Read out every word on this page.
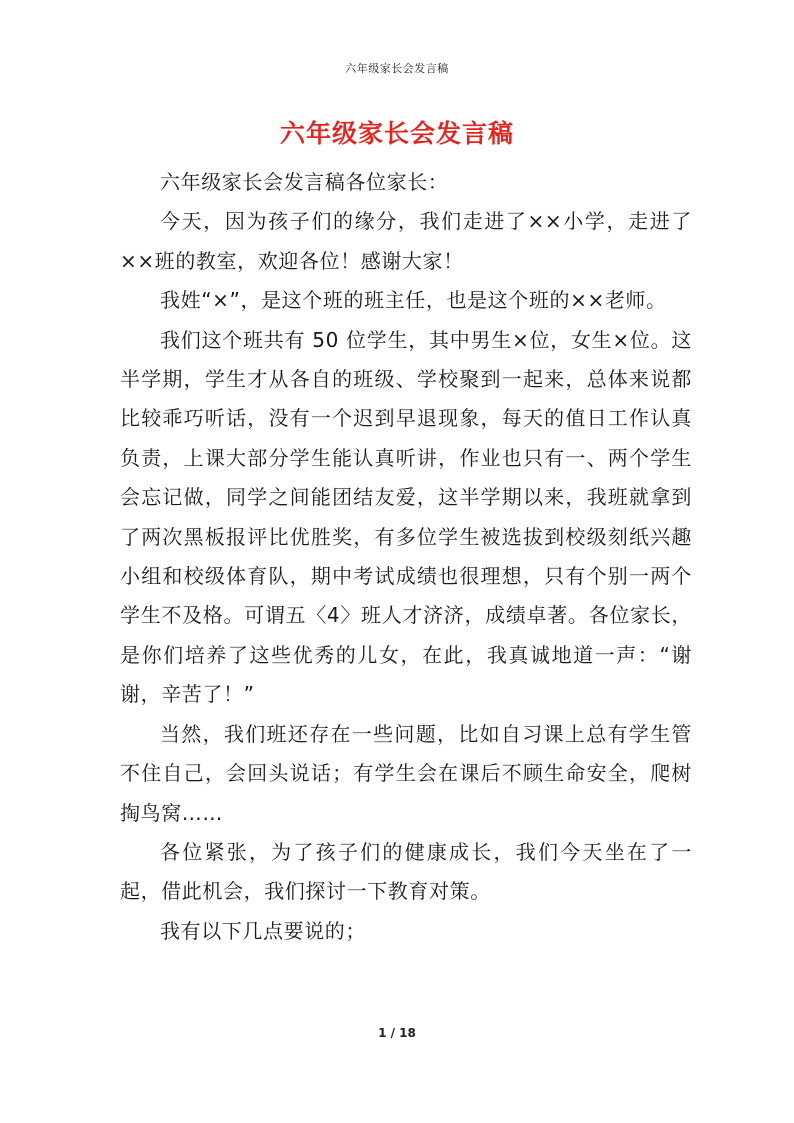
六年级家长会发言稿
六年级家长会发言稿

六年级家长会发言稿各位家长：

今天，因为孩子们的缘分，我们走进了××小学，走进了××班的教室，欢迎各位！感谢大家！

我姓“×”，是这个班的班主任，也是这个班的××老师。

我们这个班共有 50 位学生，其中男生×位，女生×位。这半学期，学生才从各自的班级、学校聚到一起来，总体来说都比较乖巧听话，没有一个迟到早退现象，每天的值日工作认真负责，上课大部分学生能认真听讲，作业也只有一、两个学生会忘记做，同学之间能团结友爱，这半学期以来，我班就拿到了两次黑板报评比优胜奖，有多位学生被选拔到校级刻纸兴趣小组和校级体育队，期中考试成绩也很理想，只有个别一两个学生不及格。可谓五〈4〉班人才济济，成绩卓著。各位家长，是你们培养了这些优秀的儿女，在此，我真诚地道一声：“谢谢，辛苦了！”

当然，我们班还存在一些问题，比如自习课上总有学生管不住自己，会回头说话；有学生会在课后不顾生命安全，爬树掏鸟窝……

各位紧张，为了孩子们的健康成长，我们今天坐在了一起，借此机会，我们探讨一下教育对策。

我有以下几点要说的；

1 / 18
